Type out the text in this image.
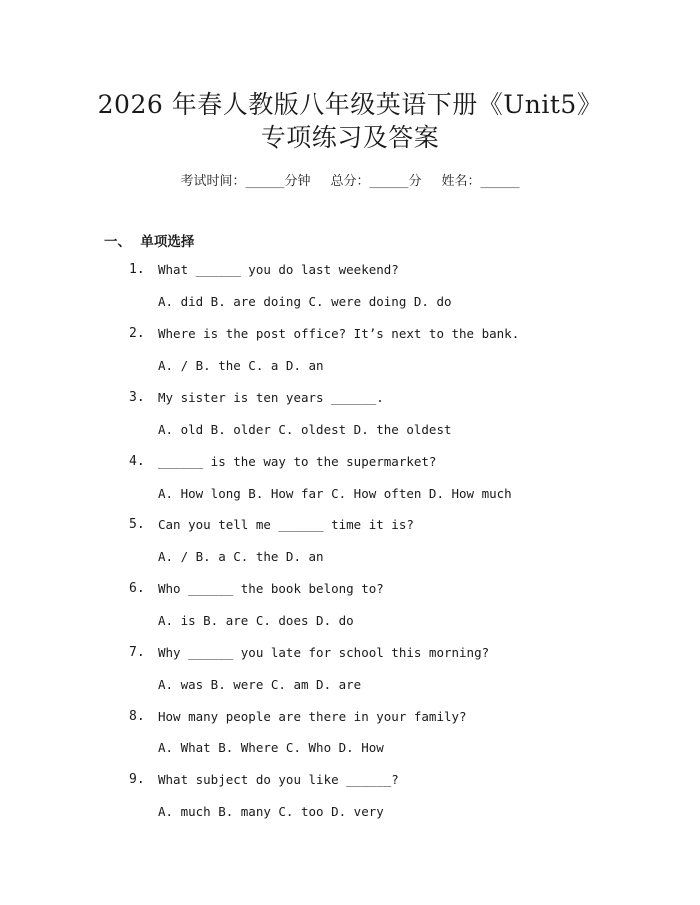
2026 年春人教版八年级英语下册《Unit5》
专项练习及答案
考试时间：______分钟 总分：______分 姓名：______
一、  单项选择
1. What ______ you do last weekend?
A. did B. are doing C. were doing D. do
2. Where is the post office? It’s next to the bank.
A. / B. the C. a D. an
3. My sister is ten years ______.
A. old B. older C. oldest D. the oldest
4. ______ is the way to the supermarket?
A. How long B. How far C. How often D. How much
5. Can you tell me ______ time it is?
A. / B. a C. the D. an
6. Who ______ the book belong to?
A. is B. are C. does D. do
7. Why ______ you late for school this morning?
A. was B. were C. am D. are
8. How many people are there in your family?
A. What B. Where C. Who D. How
9. What subject do you like ______?
A. much B. many C. too D. very
